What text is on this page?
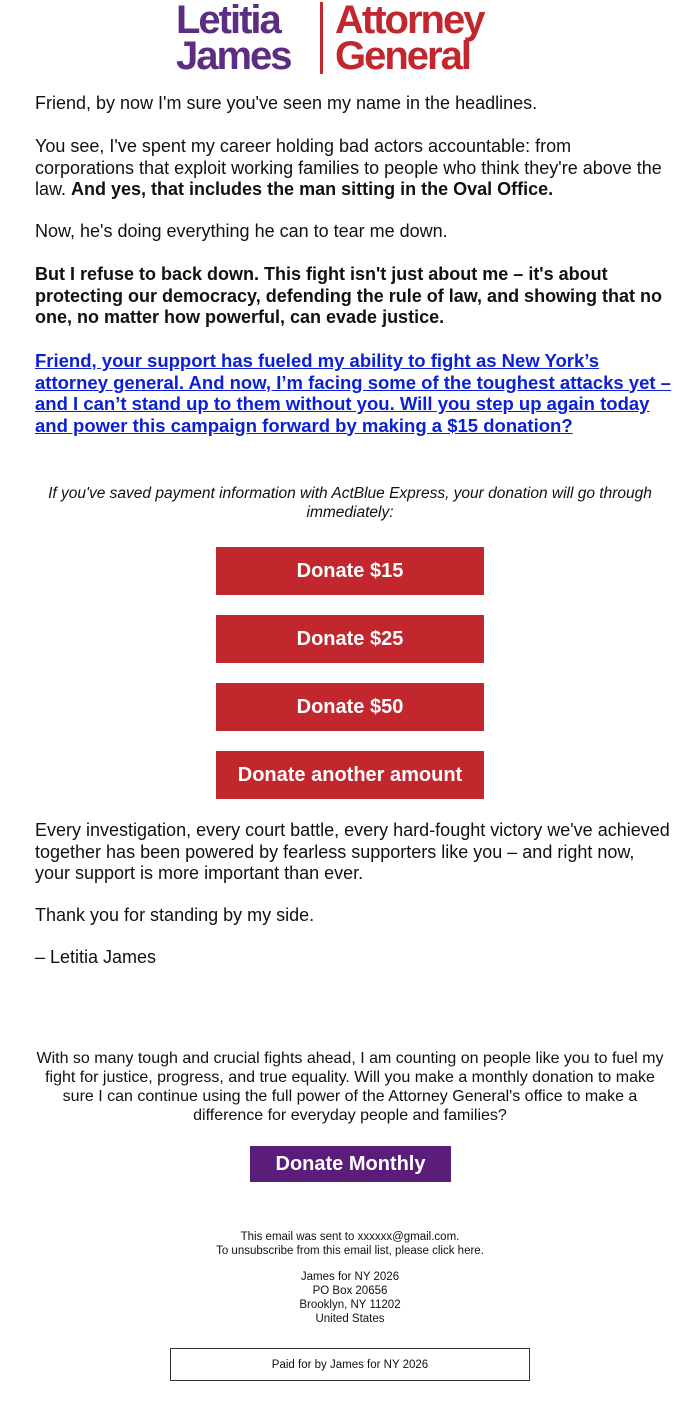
Letitia
James
Attorney
General

Friend, by now I'm sure you've seen my name in the headlines.

You see, I've spent my career holding bad actors accountable: from corporations that exploit working families to people who think they're above the law. And yes, that includes the man sitting in the Oval Office.

Now, he's doing everything he can to tear me down.

But I refuse to back down. This fight isn't just about me – it's about protecting our democracy, defending the rule of law, and showing that no one, no matter how powerful, can evade justice.

Friend, your support has fueled my ability to fight as New York’s attorney general. And now, I’m facing some of the toughest attacks yet – and I can’t stand up to them without you. Will you step up again today and power this campaign forward by making a $15 donation?

If you've saved payment information with ActBlue Express, your donation will go through immediately:

Donate $15
Donate $25
Donate $50
Donate another amount

Every investigation, every court battle, every hard-fought victory we've achieved together has been powered by fearless supporters like you – and right now, your support is more important than ever.

Thank you for standing by my side.

– Letitia James

With so many tough and crucial fights ahead, I am counting on people like you to fuel my fight for justice, progress, and true equality. Will you make a monthly donation to make sure I can continue using the full power of the Attorney General's office to make a difference for everyday people and families?

Donate Monthly

This email was sent to xxxxxx@gmail.com.

To unsubscribe from this email list, please click here.

James for NY 2026

PO Box 20656

Brooklyn, NY 11202

United States

Paid for by James for NY 2026
